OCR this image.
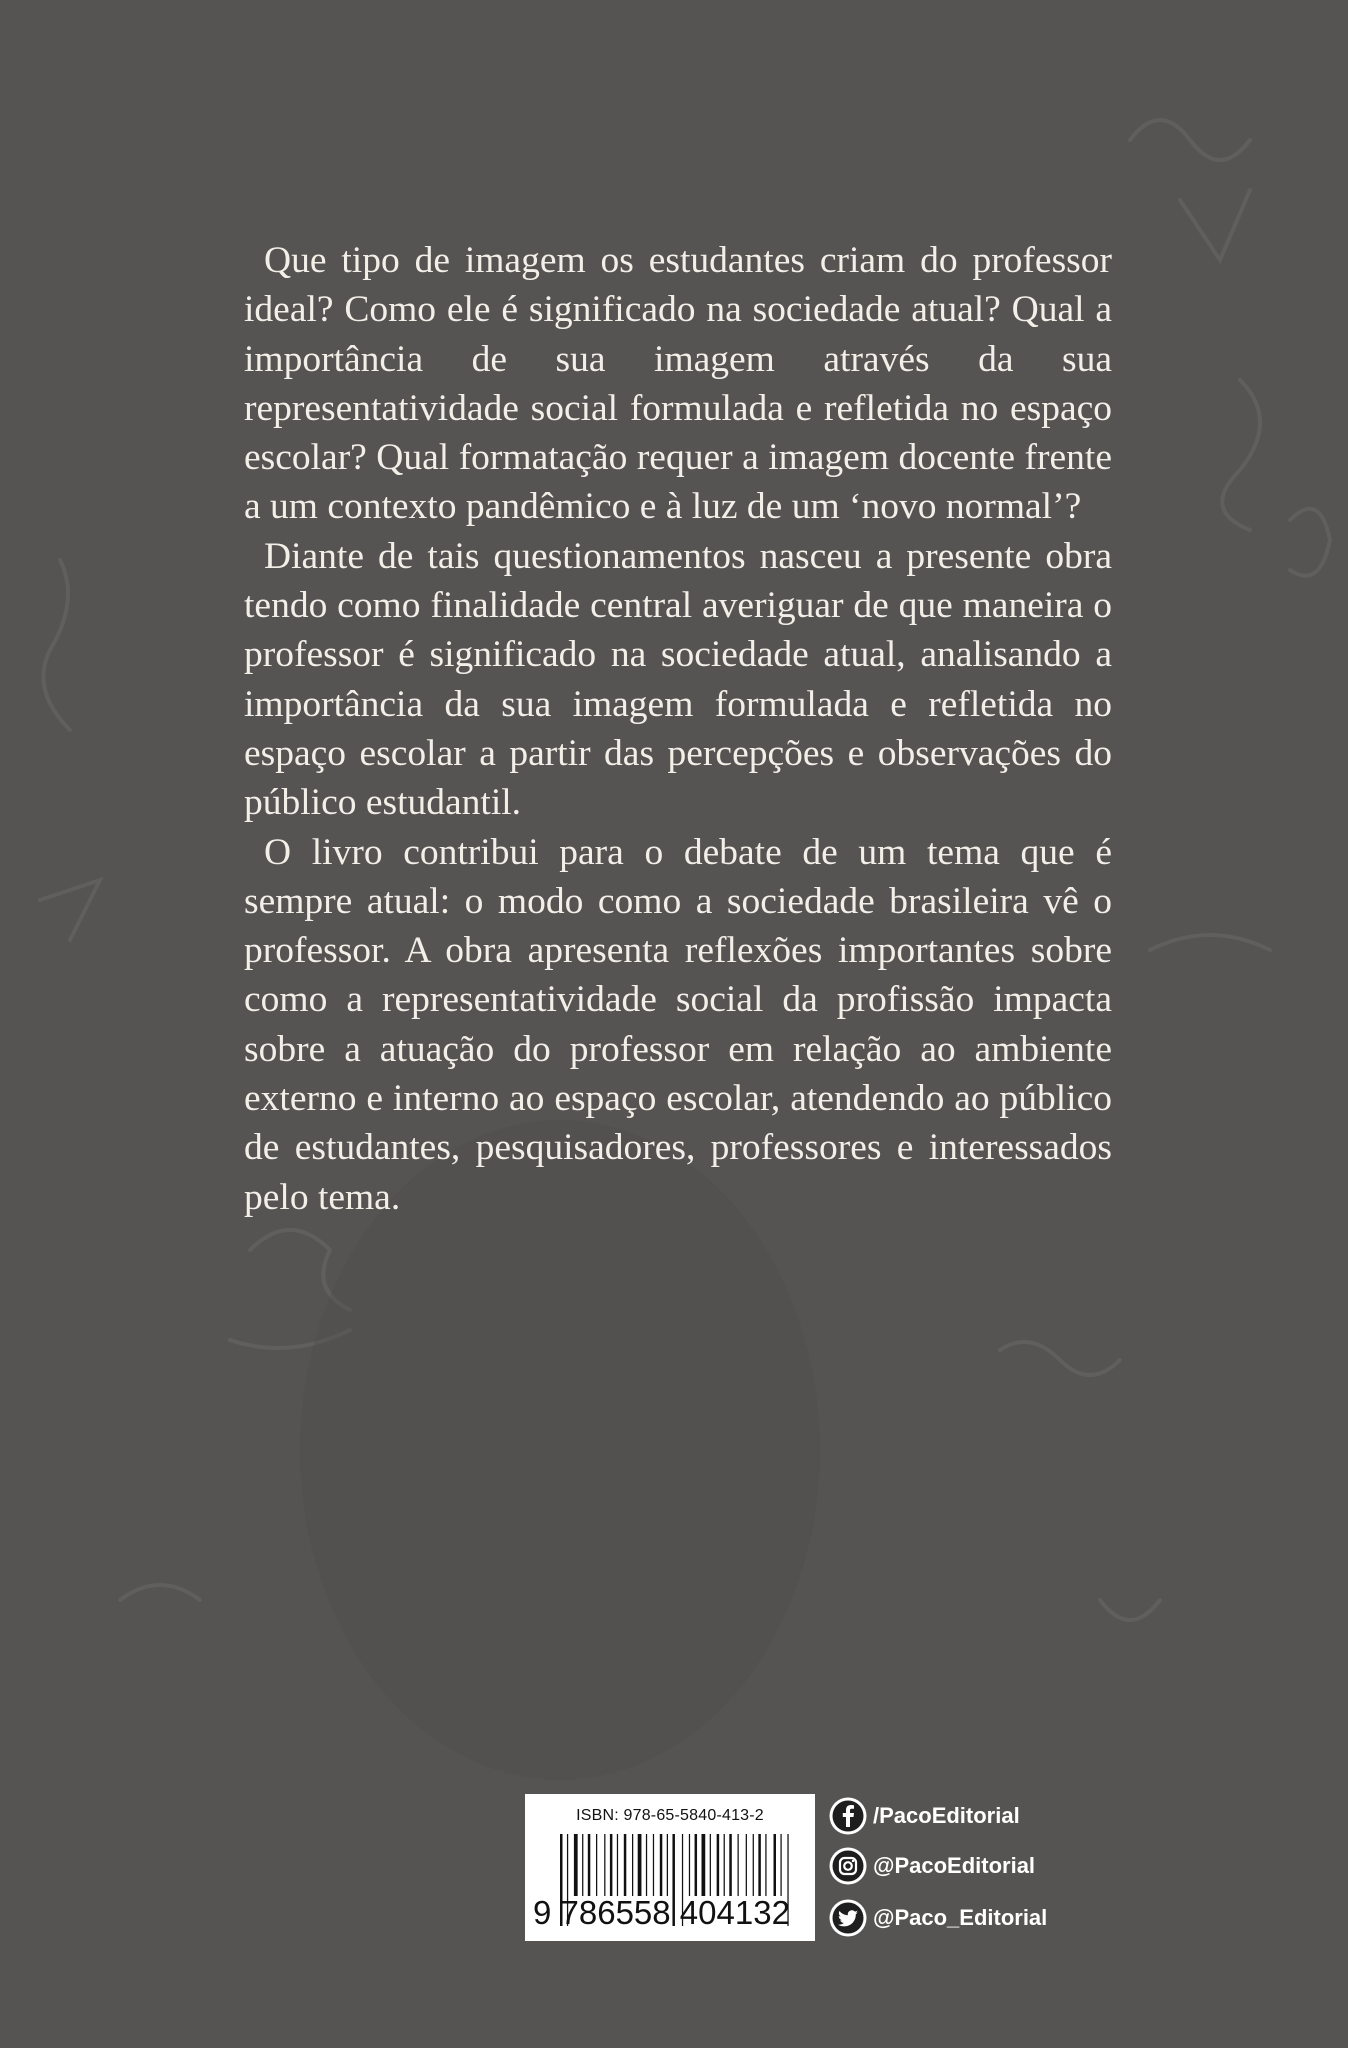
Que tipo de imagem os estudantes criam do professor ideal? Como ele é significado na sociedade atual? Qual a importância de sua imagem através da sua representatividade social formulada e refletida no espaço escolar? Qual formatação requer a imagem docente frente a um contexto pandêmico e à luz de um ‘novo normal’?

Diante de tais questionamentos nasceu a presente obra tendo como finalidade central averiguar de que maneira o professor é significado na sociedade atual, analisando a importância da sua imagem formulada e refletida no espaço escolar a partir das percepções e observações do público estudantil.

O livro contribui para o debate de um tema que é sempre atual: o modo como a sociedade brasileira vê o professor. A obra apresenta reflexões importantes sobre como a representatividade social da profissão impacta sobre a atuação do professor em relação ao ambiente externo e interno ao espaço escolar, atendendo ao público de estudantes, pesquisadores, professores e interessados pelo tema.

ISBN: 978-65-5840-413-2
9 786558 404132
/PacoEditorial
@PacoEditorial
@Paco_Editorial
